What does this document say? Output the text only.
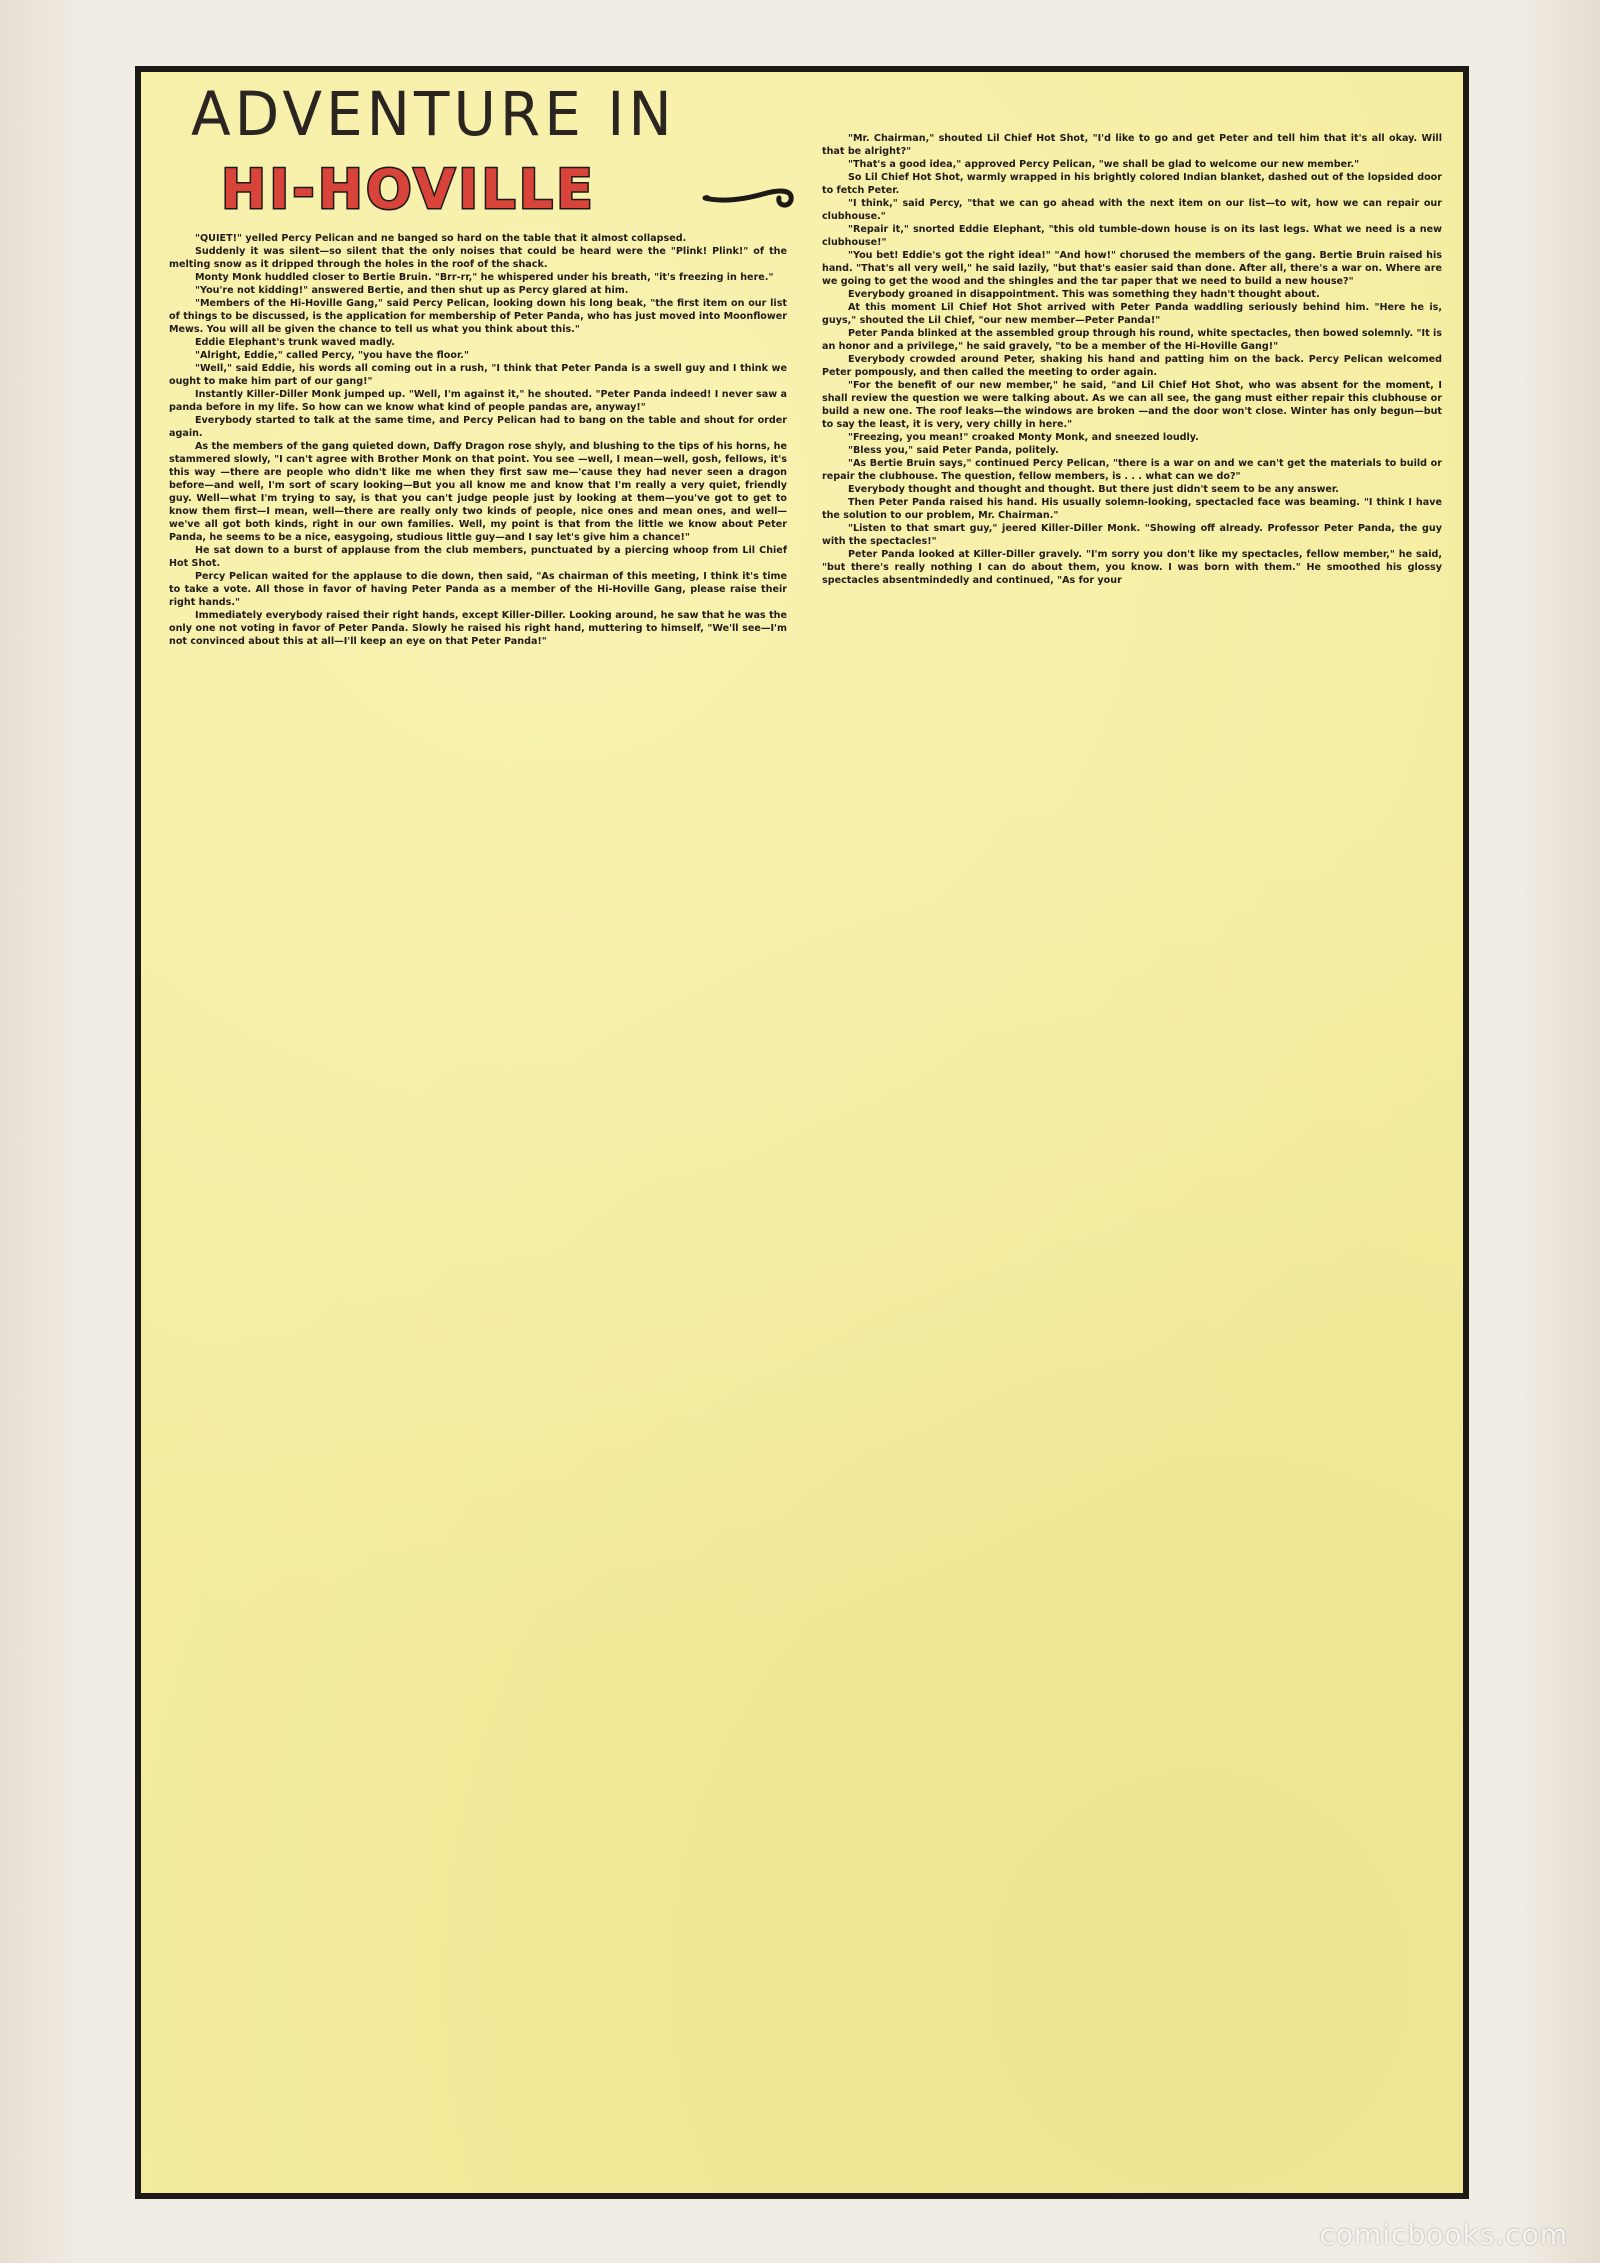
ADVENTURE IN
HI-HOVILLE

"QUIET!" yelled Percy Pelican and ne banged so hard on the table that it almost collapsed.

Suddenly it was silent—so silent that the only noises that could be heard were the "Plink! Plink!" of the melting snow as it dripped through the holes in the roof of the shack.

Monty Monk huddled closer to Bertie Bruin. "Brr-rr," he whispered under his breath, "it's freezing in here."

"You're not kidding!" answered Bertie, and then shut up as Percy glared at him.

"Members of the Hi-Hoville Gang," said Percy Pelican, looking down his long beak, "the first item on our list of things to be discussed, is the application for membership of Peter Panda, who has just moved into Moonflower Mews. You will all be given the chance to tell us what you think about this."

Eddie Elephant's trunk waved madly.

"Alright, Eddie," called Percy, "you have the floor."

"Well," said Eddie, his words all coming out in a rush, "I think that Peter Panda is a swell guy and I think we ought to make him part of our gang!"

Instantly Killer-Diller Monk jumped up. "Well, I'm against it," he shouted. "Peter Panda indeed! I never saw a panda before in my life. So how can we know what kind of people pandas are, anyway!"

Everybody started to talk at the same time, and Percy Pelican had to bang on the table and shout for order again.

As the members of the gang quieted down, Daffy Dragon rose shyly, and blushing to the tips of his horns, he stammered slowly, "I can't agree with Brother Monk on that point. You see —well, I mean—well, gosh, fellows, it's this way —there are people who didn't like me when they first saw me—'cause they had never seen a dragon before—and well, I'm sort of scary looking—But you all know me and know that I'm really a very quiet, friendly guy. Well—what I'm trying to say, is that you can't judge people just by looking at them—you've got to get to know them first—I mean, well—there are really only two kinds of people, nice ones and mean ones, and well—we've all got both kinds, right in our own families. Well, my point is that from the little we know about Peter Panda, he seems to be a nice, easygoing, studious little guy—and I say let's give him a chance!"

He sat down to a burst of applause from the club members, punctuated by a piercing whoop from Lil Chief Hot Shot.

Percy Pelican waited for the applause to die down, then said, "As chairman of this meeting, I think it's time to take a vote. All those in favor of having Peter Panda as a member of the Hi-Hoville Gang, please raise their right hands."

Immediately everybody raised their right hands, except Killer-Diller. Looking around, he saw that he was the only one not voting in favor of Peter Panda. Slowly he raised his right hand, muttering to himself, "We'll see—I'm not convinced about this at all—I'll keep an eye on that Peter Panda!"

"Mr. Chairman," shouted Lil Chief Hot Shot, "I'd like to go and get Peter and tell him that it's all okay. Will that be alright?"

"That's a good idea," approved Percy Pelican, "we shall be glad to welcome our new member."

So Lil Chief Hot Shot, warmly wrapped in his brightly colored Indian blanket, dashed out of the lopsided door to fetch Peter.

"I think," said Percy, "that we can go ahead with the next item on our list—to wit, how we can repair our clubhouse."

"Repair it," snorted Eddie Elephant, "this old tumble-down house is on its last legs. What we need is a new clubhouse!"

"You bet! Eddie's got the right idea!" "And how!" chorused the members of the gang. Bertie Bruin raised his hand. "That's all very well," he said lazily, "but that's easier said than done. After all, there's a war on. Where are we going to get the wood and the shingles and the tar paper that we need to build a new house?"

Everybody groaned in disappointment. This was something they hadn't thought about.

At this moment Lil Chief Hot Shot arrived with Peter Panda waddling seriously behind him. "Here he is, guys," shouted the Lil Chief, "our new member—Peter Panda!"

Peter Panda blinked at the assembled group through his round, white spectacles, then bowed solemnly. "It is an honor and a privilege," he said gravely, "to be a member of the Hi-Hoville Gang!"

Everybody crowded around Peter, shaking his hand and patting him on the back. Percy Pelican welcomed Peter pompously, and then called the meeting to order again.

"For the benefit of our new member," he said, "and Lil Chief Hot Shot, who was absent for the moment, I shall review the question we were talking about. As we can all see, the gang must either repair this clubhouse or build a new one. The roof leaks—the windows are broken —and the door won't close. Winter has only begun—but to say the least, it is very, very chilly in here."

"Freezing, you mean!" croaked Monty Monk, and sneezed loudly.

"Bless you," said Peter Panda, politely.

"As Bertie Bruin says," continued Percy Pelican, "there is a war on and we can't get the materials to build or repair the clubhouse. The question, fellow members, is . . . what can we do?"

Everybody thought and thought and thought. But there just didn't seem to be any answer.

Then Peter Panda raised his hand. His usually solemn-looking, spectacled face was beaming. "I think I have the solution to our problem, Mr. Chairman."

"Listen to that smart guy," jeered Killer-Diller Monk. "Showing off already. Professor Peter Panda, the guy with the spectacles!"

Peter Panda looked at Killer-Diller gravely. "I'm sorry you don't like my spectacles, fellow member," he said, "but there's really nothing I can do about them, you know. I was born with them." He smoothed his glossy spectacles absentmindedly and continued, "As for your

comicbooks.com
